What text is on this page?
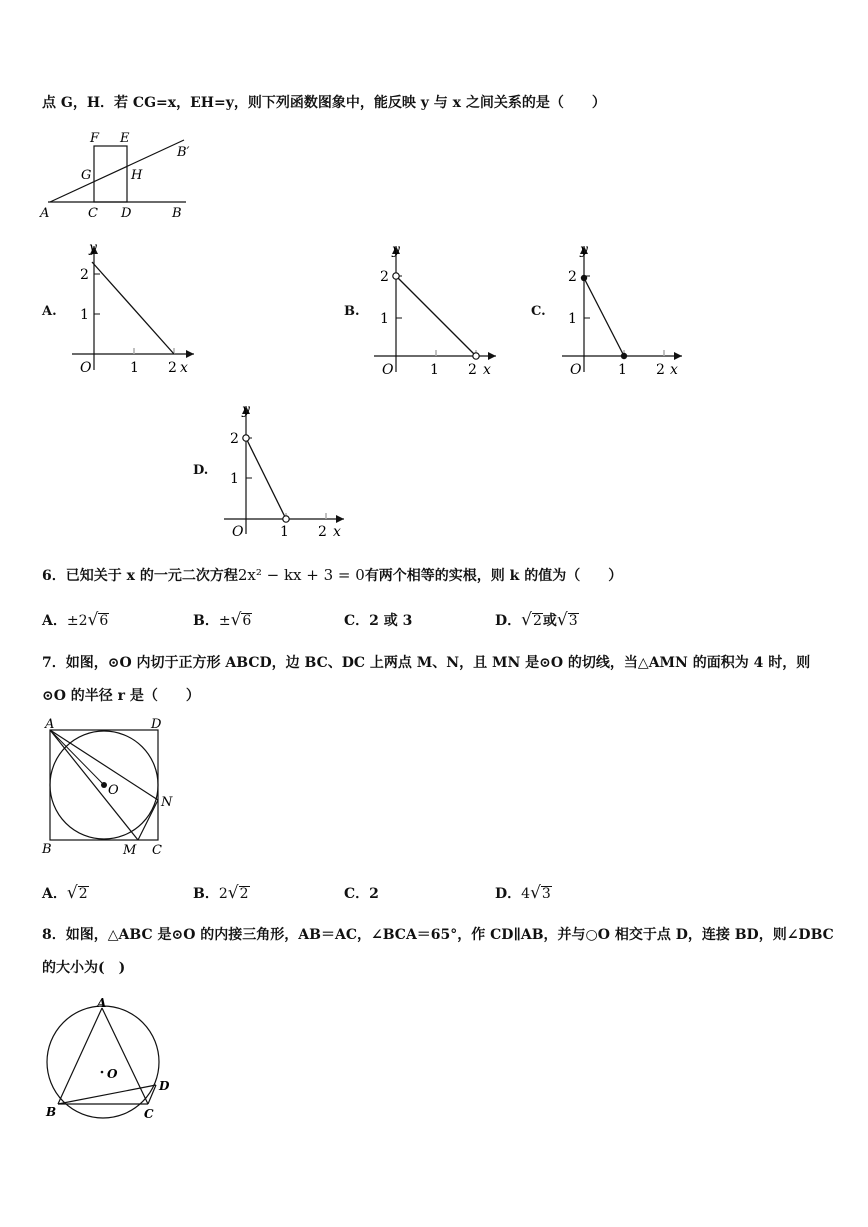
点 G，H．若 CG=x，EH=y，则下列函数图象中，能反映 y 与 x 之间关系的是（　　）
F E
B′
G	H
A	C D	B
A.
y
x
O	1 2
1
2
B.
y
x
O	1 2
1
2
C.
y
x
O	1 2
1
2
D.
y
x
O	1 2
1
2
6．已知关于 x 的一元二次方程2x² − kx + 3 = 0有两个相等的实根，则 k 的值为（　　）
A．±2√6	B．±√6	C．2 或 3	D．√2或√3
7．如图，⊙O 内切于正方形 ABCD，边 BC、DC 上两点 M、N，且 MN 是⊙O 的切线，当△AMN 的面积为 4 时，则
⊙O 的半径 r 是（　　）
A	D
O
N
B	M C
A．√2	B．2√2	C．2	D．4√3
8．如图，△ABC 是⊙O 的内接三角形，AB＝AC，∠BCA＝65°，作 CD∥AB，并与○O 相交于点 D，连接 BD，则∠DBC
的大小为(　)
A
O
D
B	C
